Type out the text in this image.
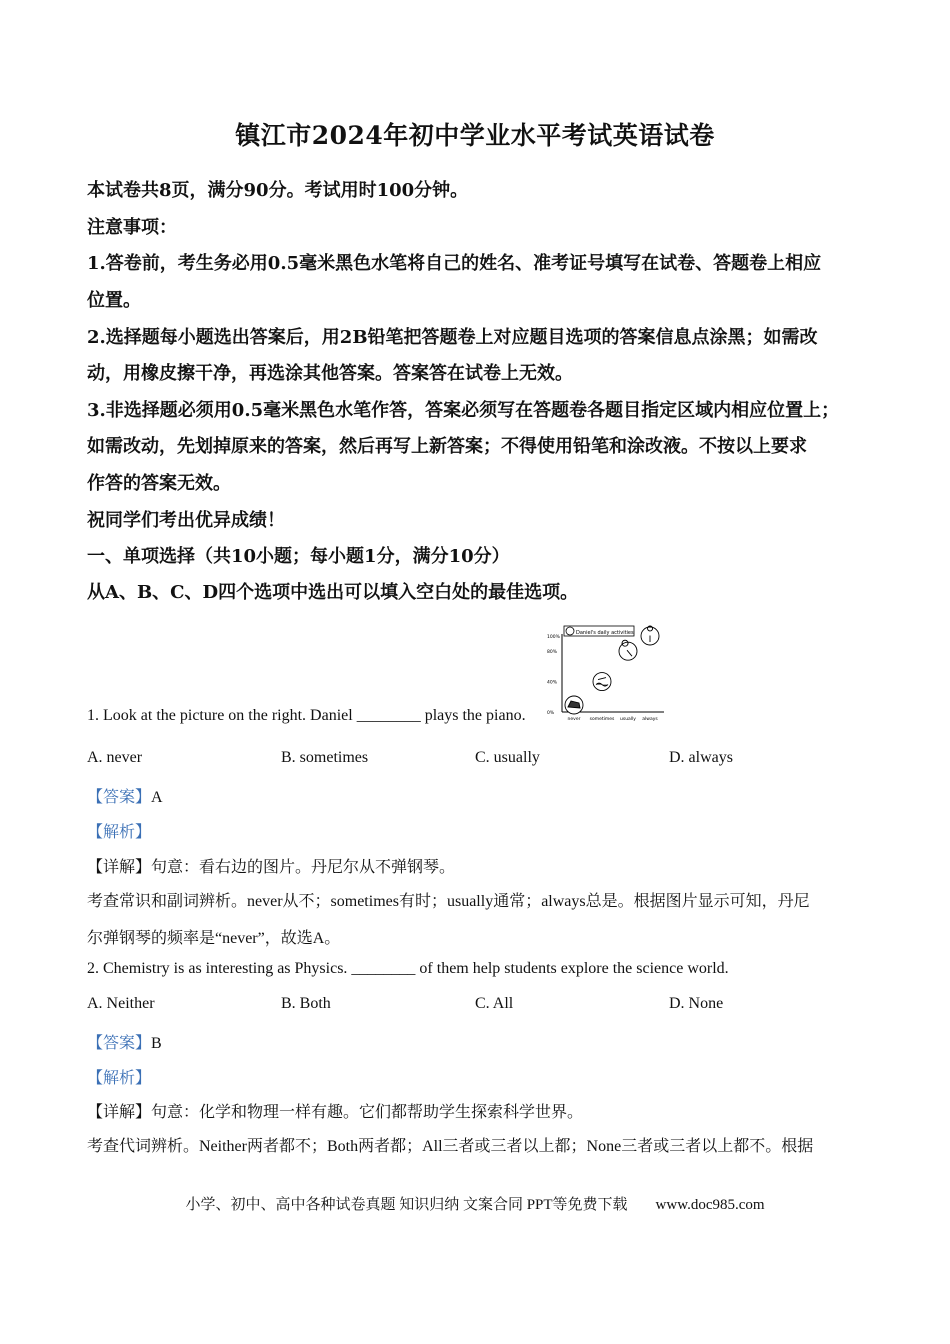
镇江市2024年初中学业水平考试英语试卷
本试卷共8页，满分90分。考试用时100分钟。
注意事项：
1.答卷前，考生务必用0.5毫米黑色水笔将自己的姓名、准考证号填写在试卷、答题卷上相应
位置。
2.选择题每小题选出答案后，用2B铅笔把答题卷上对应题目选项的答案信息点涂黑；如需改
动，用橡皮擦干净，再选涂其他答案。答案答在试卷上无效。
3.非选择题必须用0.5毫米黑色水笔作答，答案必须写在答题卷各题目指定区域内相应位置上；
如需改动，先划掉原来的答案，然后再写上新答案；不得使用铅笔和涂改液。不按以上要求
作答的答案无效。
祝同学们考出优异成绩！
一、单项选择（共10小题；每小题1分，满分10分）
从A、B、C、D四个选项中选出可以填入空白处的最佳选项。
Daniel's daily activities
0%
40%
80%
100%
never sometimes usually always
1. Look at the picture on the right. Daniel ________ plays the piano.
A. never	B. sometimes	C. usually	D. always
【答案】A
【解析】
【详解】句意：看右边的图片。丹尼尔从不弹钢琴。
考查常识和副词辨析。never从不；sometimes有时；usually通常；always总是。根据图片显示可知，丹尼
尔弹钢琴的频率是“never”，故选A。
2. Chemistry is as interesting as Physics. ________ of them help students explore the science world.
A. Neither	B. Both	C. All	D. None
【答案】B
【解析】
【详解】句意：化学和物理一样有趣。它们都帮助学生探索科学世界。
考查代词辨析。Neither两者都不；Both两者都；All三者或三者以上都；None三者或三者以上都不。根据
小学、初中、高中各种试卷真题 知识归纳 文案合同 PPT等免费下载 www.doc985.com
